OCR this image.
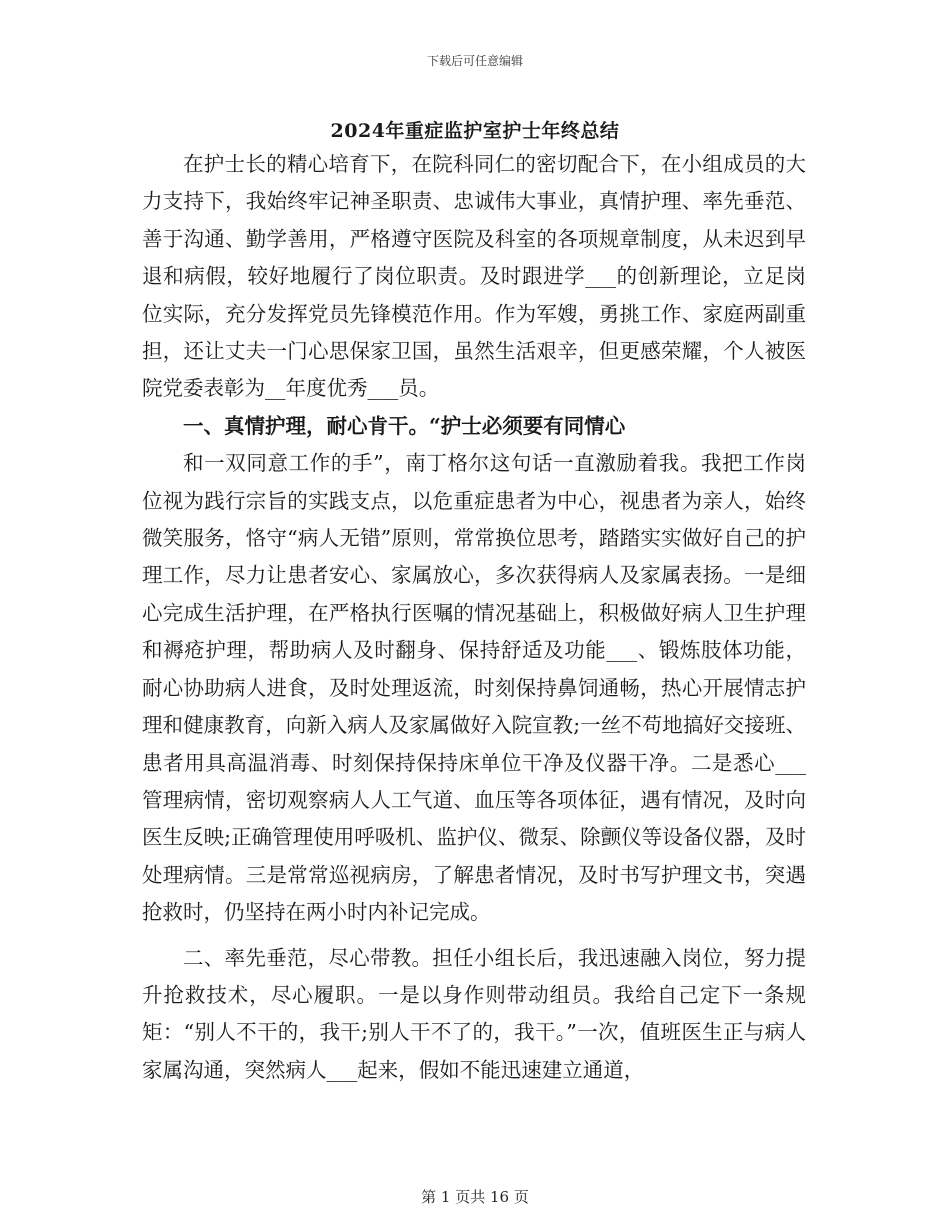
下载后可任意编辑
2024年重症监护室护士年终总结

在护士长的精心培育下，在院科同仁的密切配合下，在小组成员的大力支持下，我始终牢记神圣职责、忠诚伟大事业，真情护理、率先垂范、善于沟通、勤学善用，严格遵守医院及科室的各项规章制度，从未迟到早退和病假，较好地履行了岗位职责。及时跟进学___的创新理论，立足岗位实际，充分发挥党员先锋模范作用。作为军嫂，勇挑工作、家庭两副重担，还让丈夫一门心思保家卫国，虽然生活艰辛，但更感荣耀，个人被医院党委表彰为__年度优秀___员。

一、真情护理，耐心肯干。“护士必须要有同情心

和一双同意工作的手”，南丁格尔这句话一直激励着我。我把工作岗位视为践行宗旨的实践支点，以危重症患者为中心，视患者为亲人，始终微笑服务，恪守“病人无错”原则，常常换位思考，踏踏实实做好自己的护理工作，尽力让患者安心、家属放心，多次获得病人及家属表扬。一是细心完成生活护理，在严格执行医嘱的情况基础上，积极做好病人卫生护理和褥疮护理，帮助病人及时翻身、保持舒适及功能___、锻炼肢体功能，耐心协助病人进食，及时处理返流，时刻保持鼻饲通畅，热心开展情志护理和健康教育，向新入病人及家属做好入院宣教;一丝不苟地搞好交接班、患者用具高温消毒、时刻保持保持床单位干净及仪器干净。二是悉心___管理病情，密切观察病人人工气道、血压等各项体征，遇有情况，及时向医生反映;正确管理使用呼吸机、监护仪、微泵、除颤仪等设备仪器，及时处理病情。三是常常巡视病房，了解患者情况，及时书写护理文书，突遇抢救时，仍坚持在两小时内补记完成。

二、率先垂范，尽心带教。担任小组长后，我迅速融入岗位，努力提升抢救技术，尽心履职。一是以身作则带动组员。我给自己定下一条规矩：“别人不干的，我干;别人干不了的，我干。”一次，值班医生正与病人家属沟通，突然病人___起来，假如不能迅速建立通道，

第 1 页共 16 页
